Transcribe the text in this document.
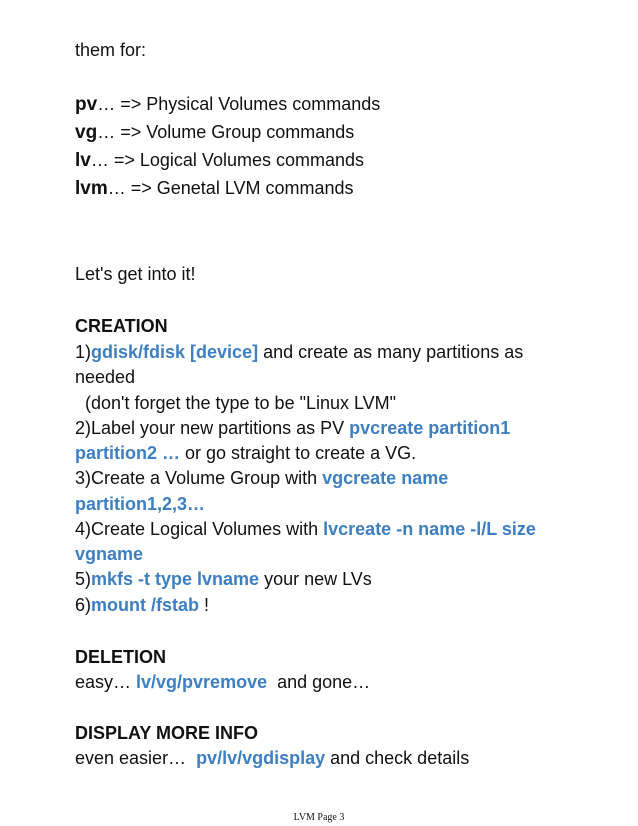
them for:
pv… => Physical Volumes commands
vg… => Volume Group commands
lv… => Logical Volumes commands
lvm… => Genetal LVM commands
Let's get into it!
CREATION
1)gdisk/fdisk [device] and create as many partitions as
needed
(don't forget the type to be "Linux LVM"
2)Label your new partitions as PV pvcreate partition1
partition2 … or go straight to create a VG.
3)Create a Volume Group with vgcreate name
partition1,2,3…
4)Create Logical Volumes with lvcreate -n name -l/L size
vgname
5)mkfs -t type lvname your new LVs
6)mount /fstab !
DELETION
easy… lv/vg/pvremove  and gone…
DISPLAY MORE INFO
even easier…  pv/lv/vgdisplay and check details
LVM Page 3
